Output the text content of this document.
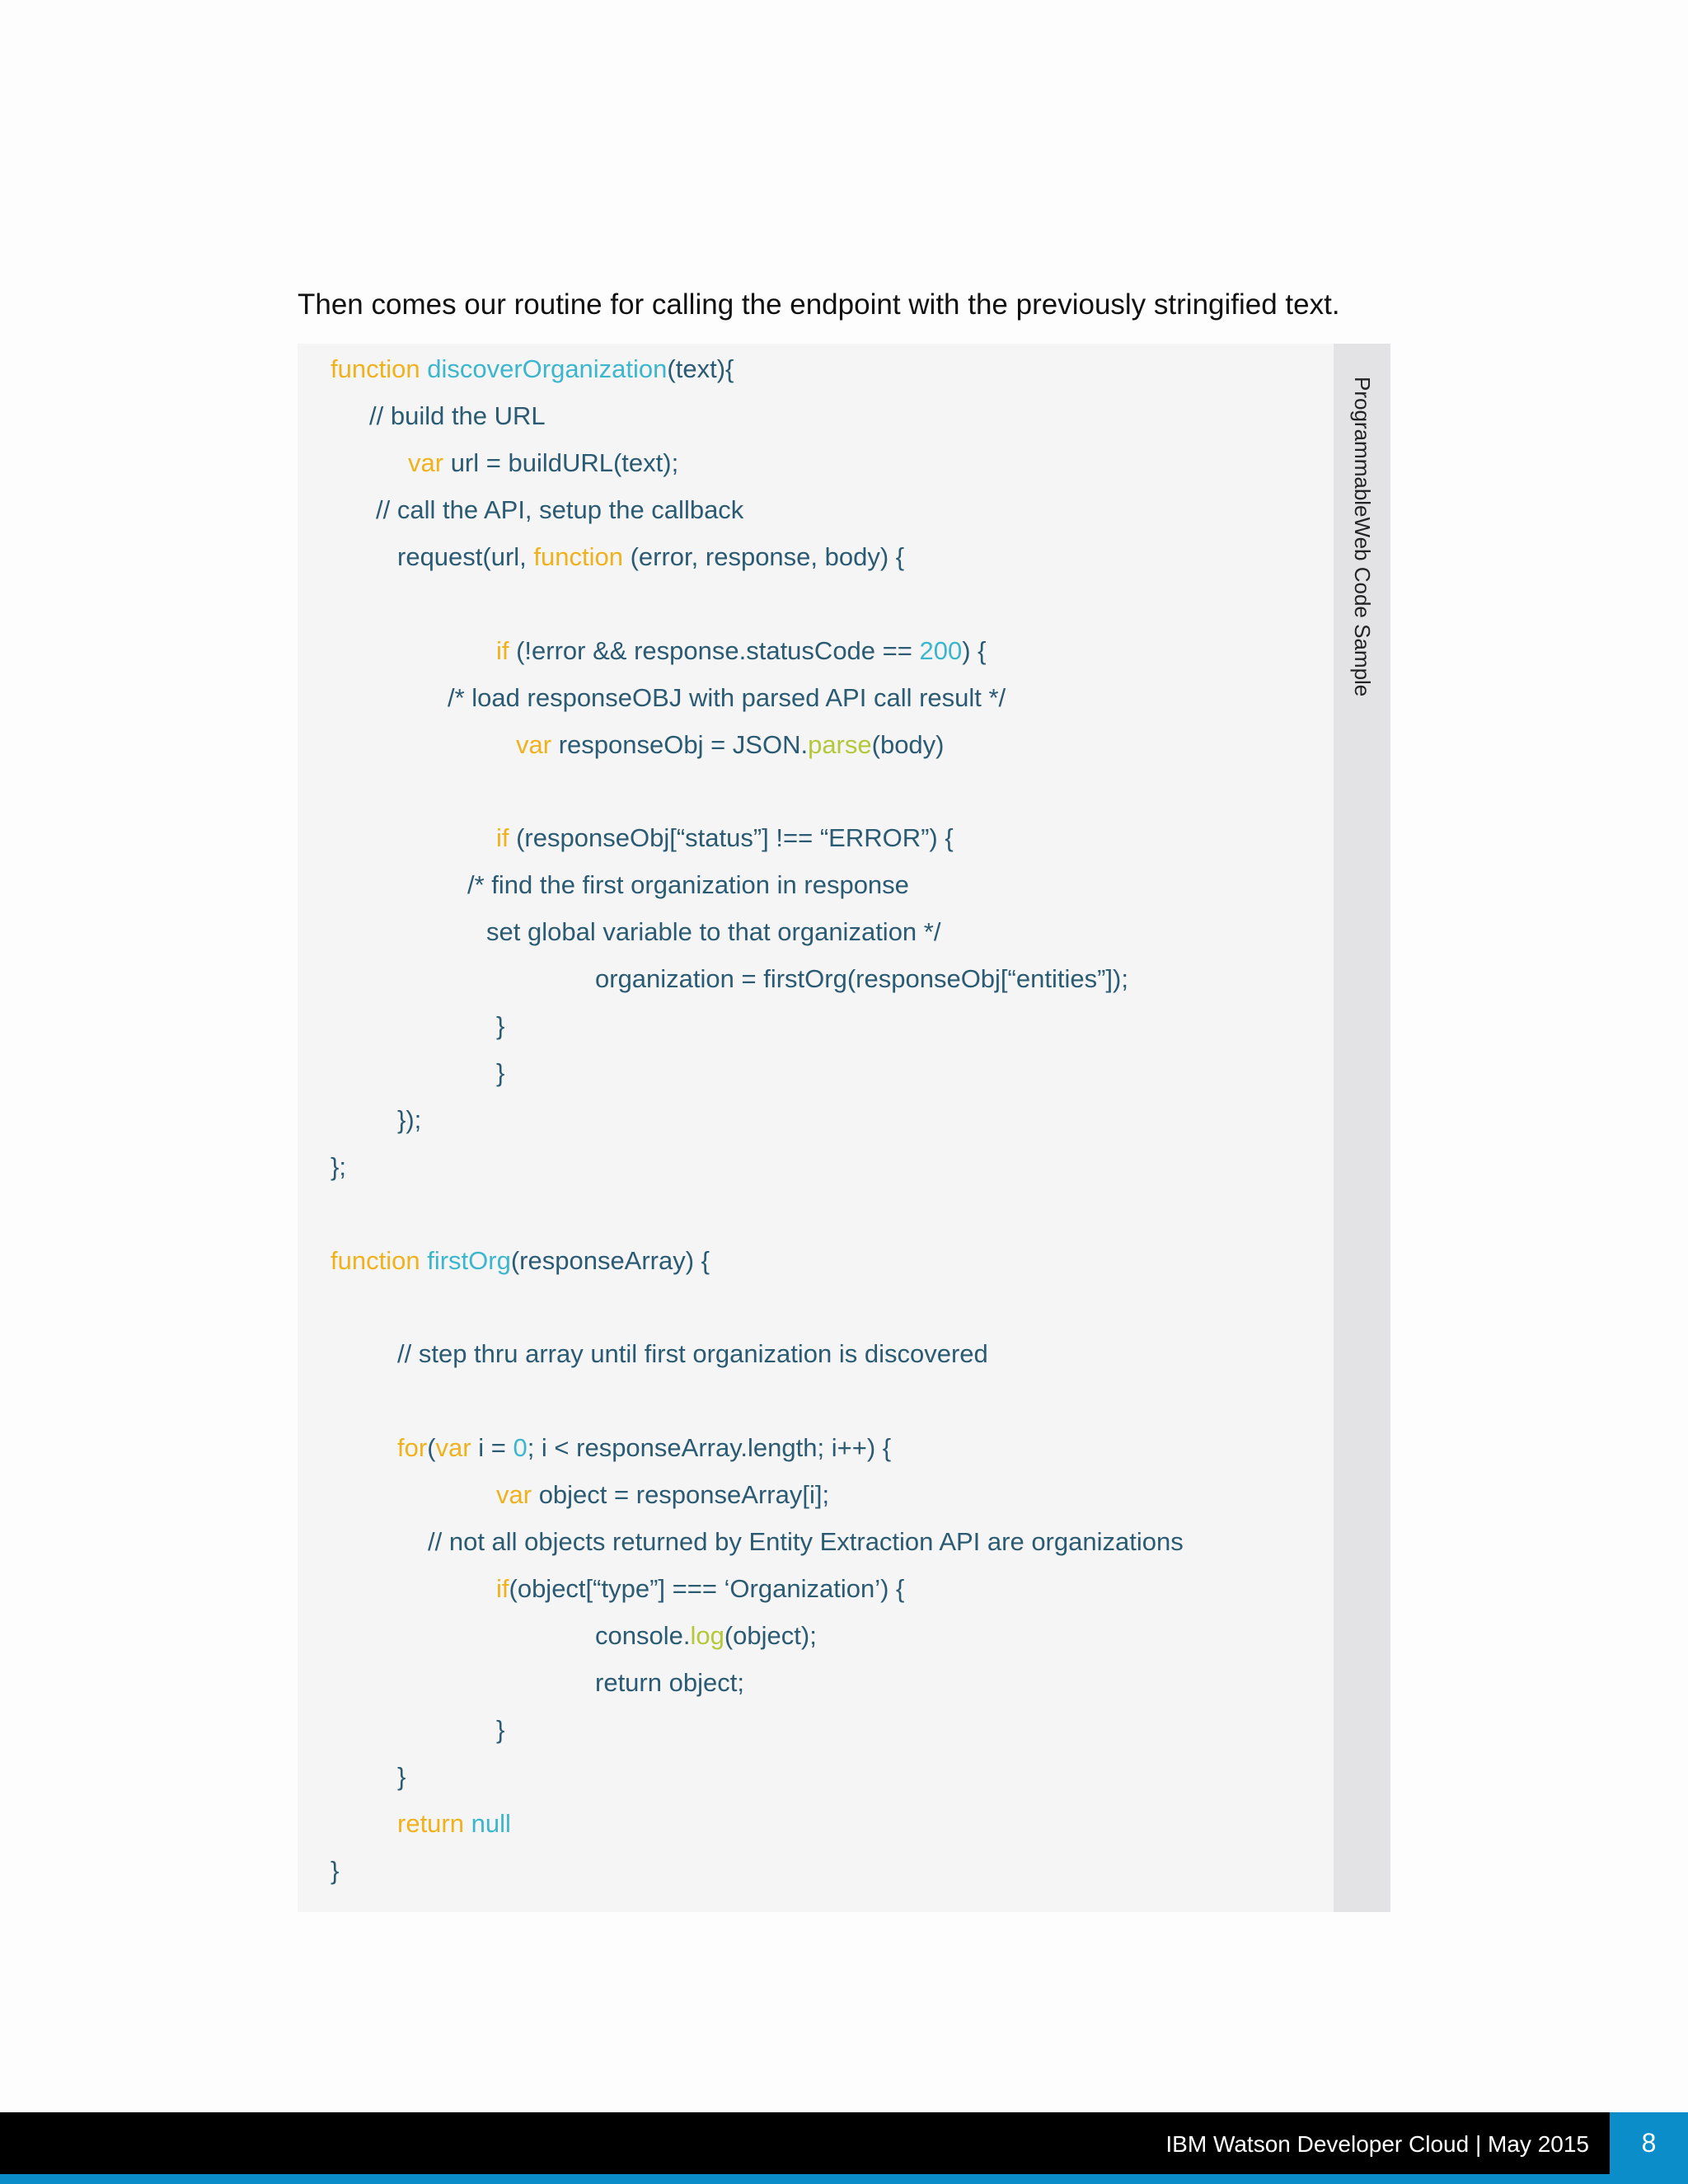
Then comes our routine for calling the endpoint with the previously stringified text.
ProgrammableWeb Code Sample
function discoverOrganization(text){
// build the URL
var url = buildURL(text);
// call the API, setup the callback
request(url, function (error, response, body) {
if (!error && response.statusCode == 200) {
/* load responseOBJ with parsed API call result */
var responseObj = JSON.parse(body)
if (responseObj[“status”] !== “ERROR”) {
/* find the first organization in response
set global variable to that organization */
organization = firstOrg(responseObj[“entities”]);
}
}
});
};
function firstOrg(responseArray) {
// step thru array until first organization is discovered
for(var i = 0; i < responseArray.length; i++) {
var object = responseArray[i];
// not all objects returned by Entity Extraction API are organizations
if(object[“type”] === ‘Organization’) {
console.log(object);
return object;
}
}
return null
}
IBM Watson Developer Cloud | May 2015	8
